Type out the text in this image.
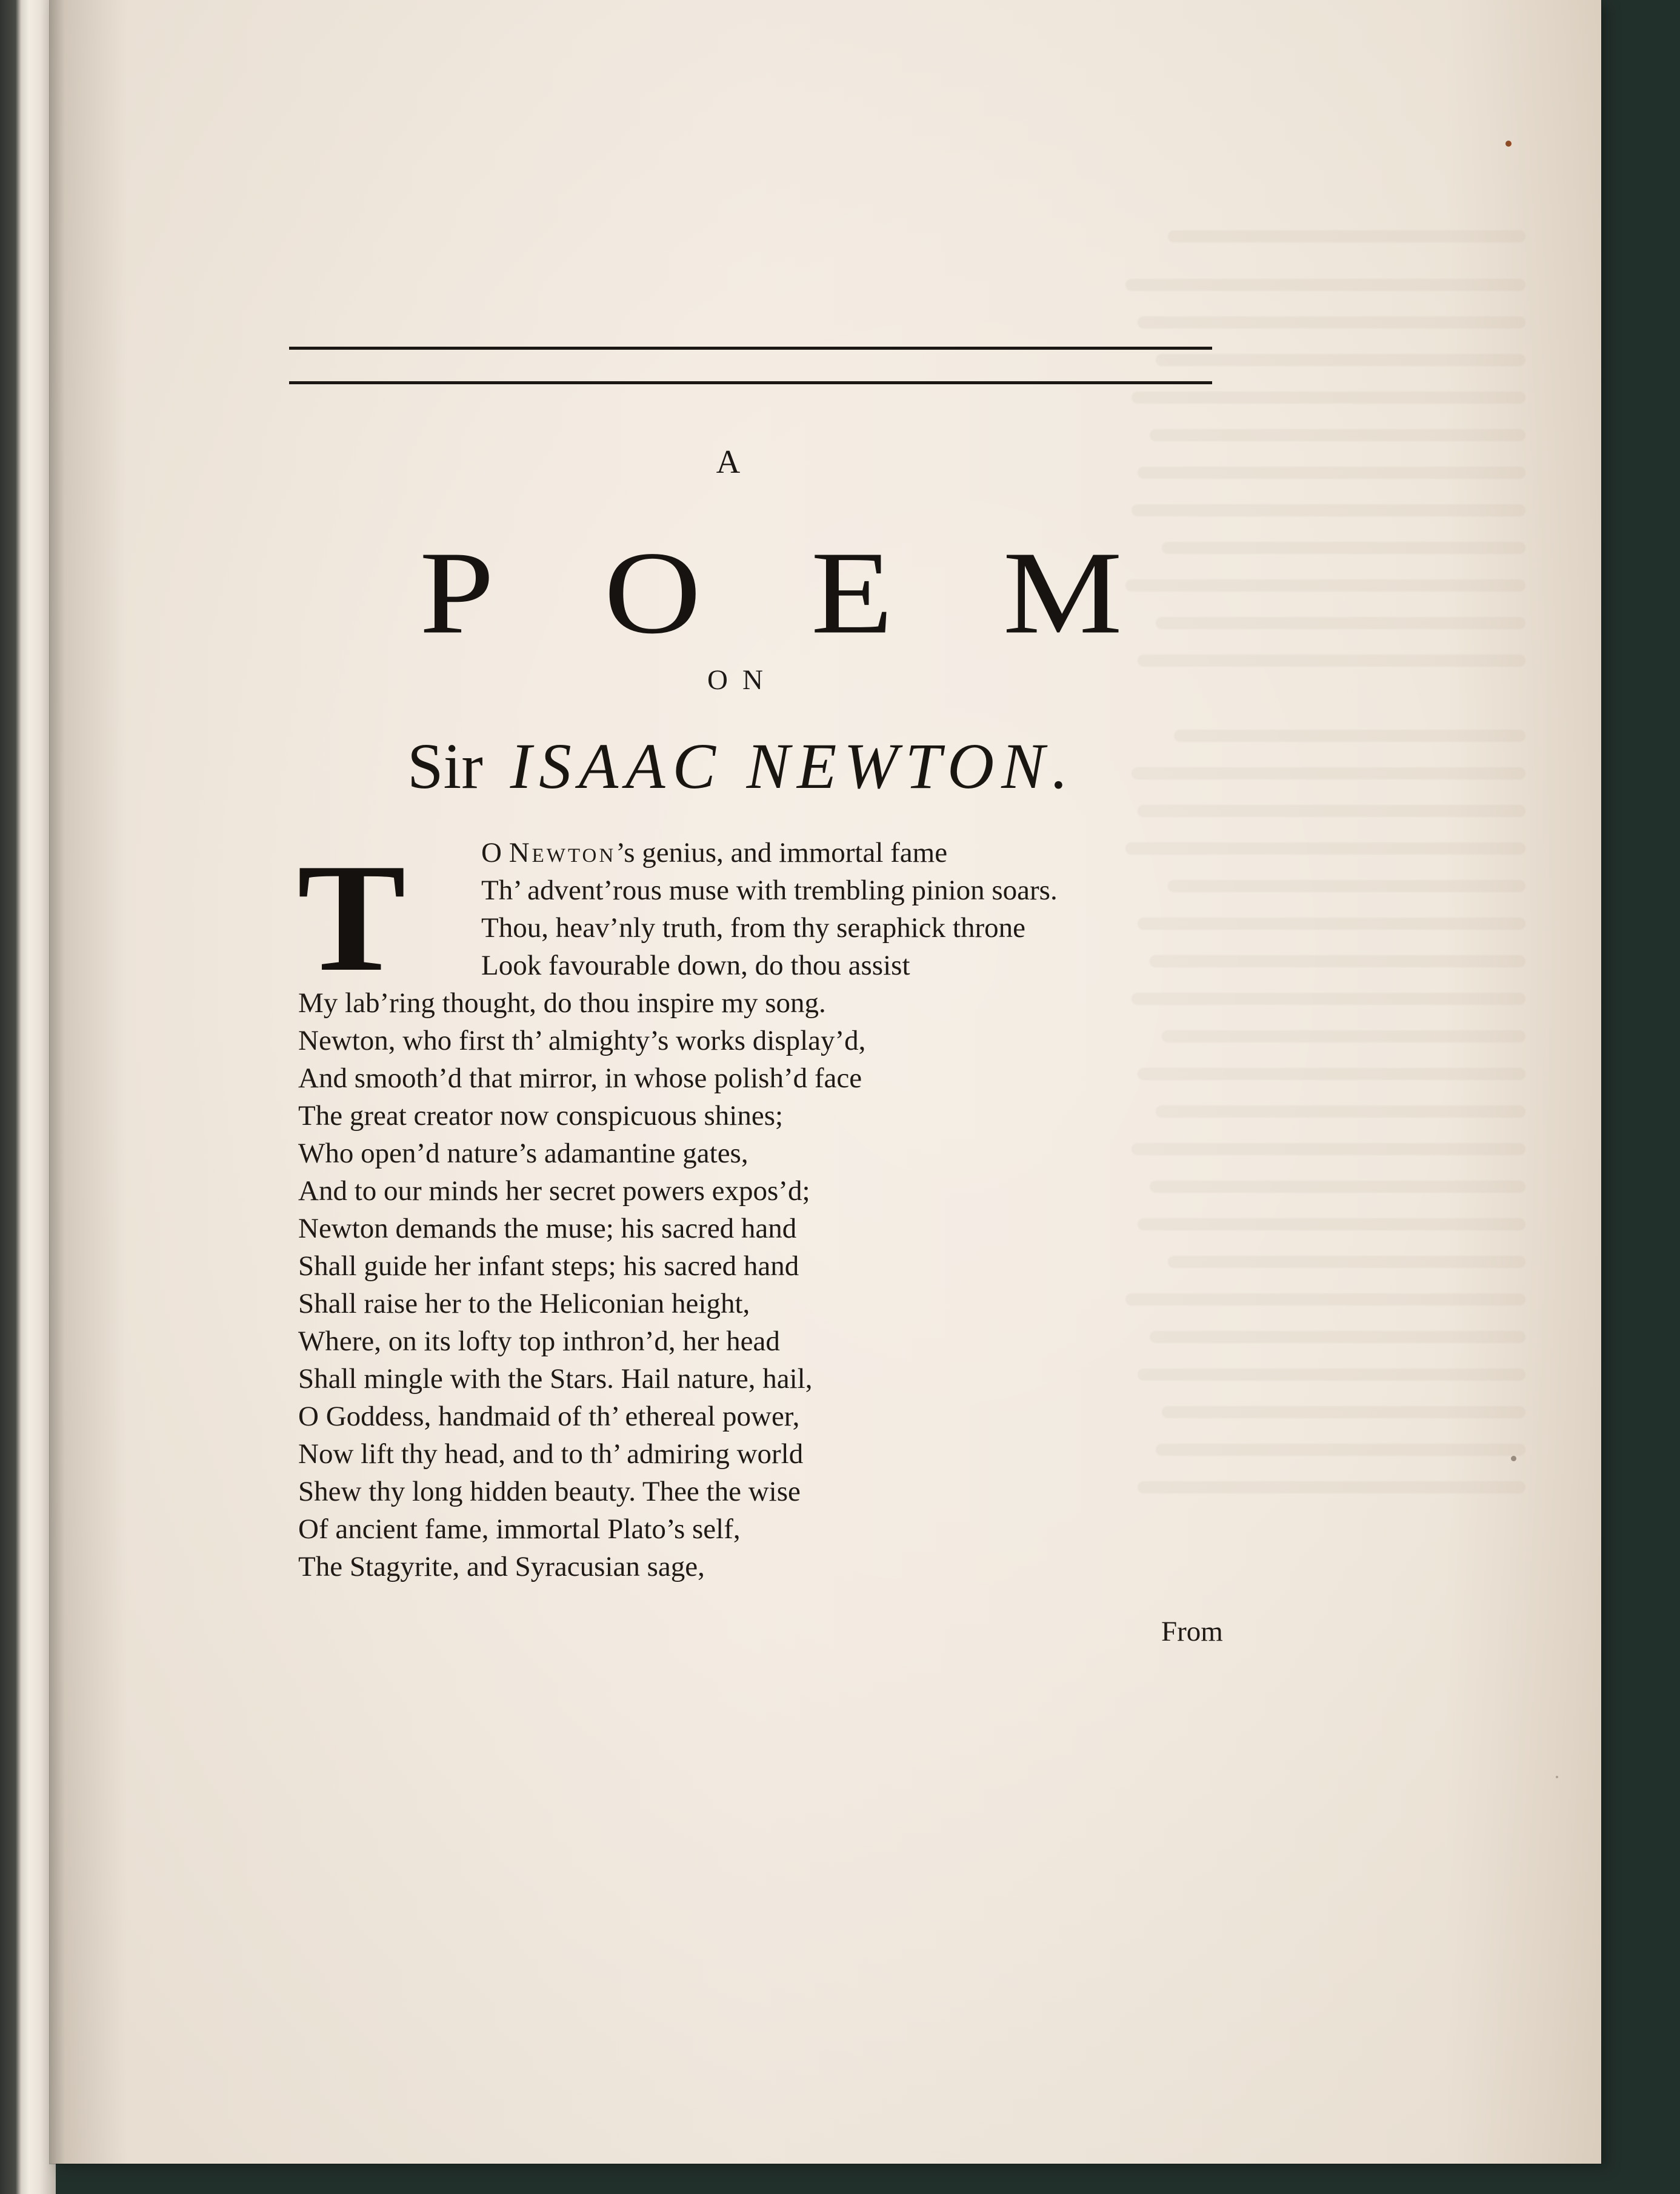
A
P O E M
ON
Sir ISAAC NEWTON.
T	O Newton’s genius, and immortal fame
Th’ advent’rous muse with trembling pinion soars.
Thou, heav’nly truth, from thy seraphick throne
Look favourable down, do thou assist
My lab’ring thought, do thou inspire my song.
Newton, who first th’ almighty’s works display’d,
And smooth’d that mirror, in whose polish’d face
The great creator now conspicuous shines;
Who open’d nature’s adamantine gates,
And to our minds her secret powers expos’d;
Newton demands the muse; his sacred hand
Shall guide her infant steps; his sacred hand
Shall raise her to the Heliconian height,
Where, on its lofty top inthron’d, her head
Shall mingle with the Stars. Hail nature, hail,
O Goddess, handmaid of th’ ethereal power,
Now lift thy head, and to th’ admiring world
Shew thy long hidden beauty. Thee the wise
Of ancient fame, immortal Plato’s self,
The Stagyrite, and Syracusian sage,
From
